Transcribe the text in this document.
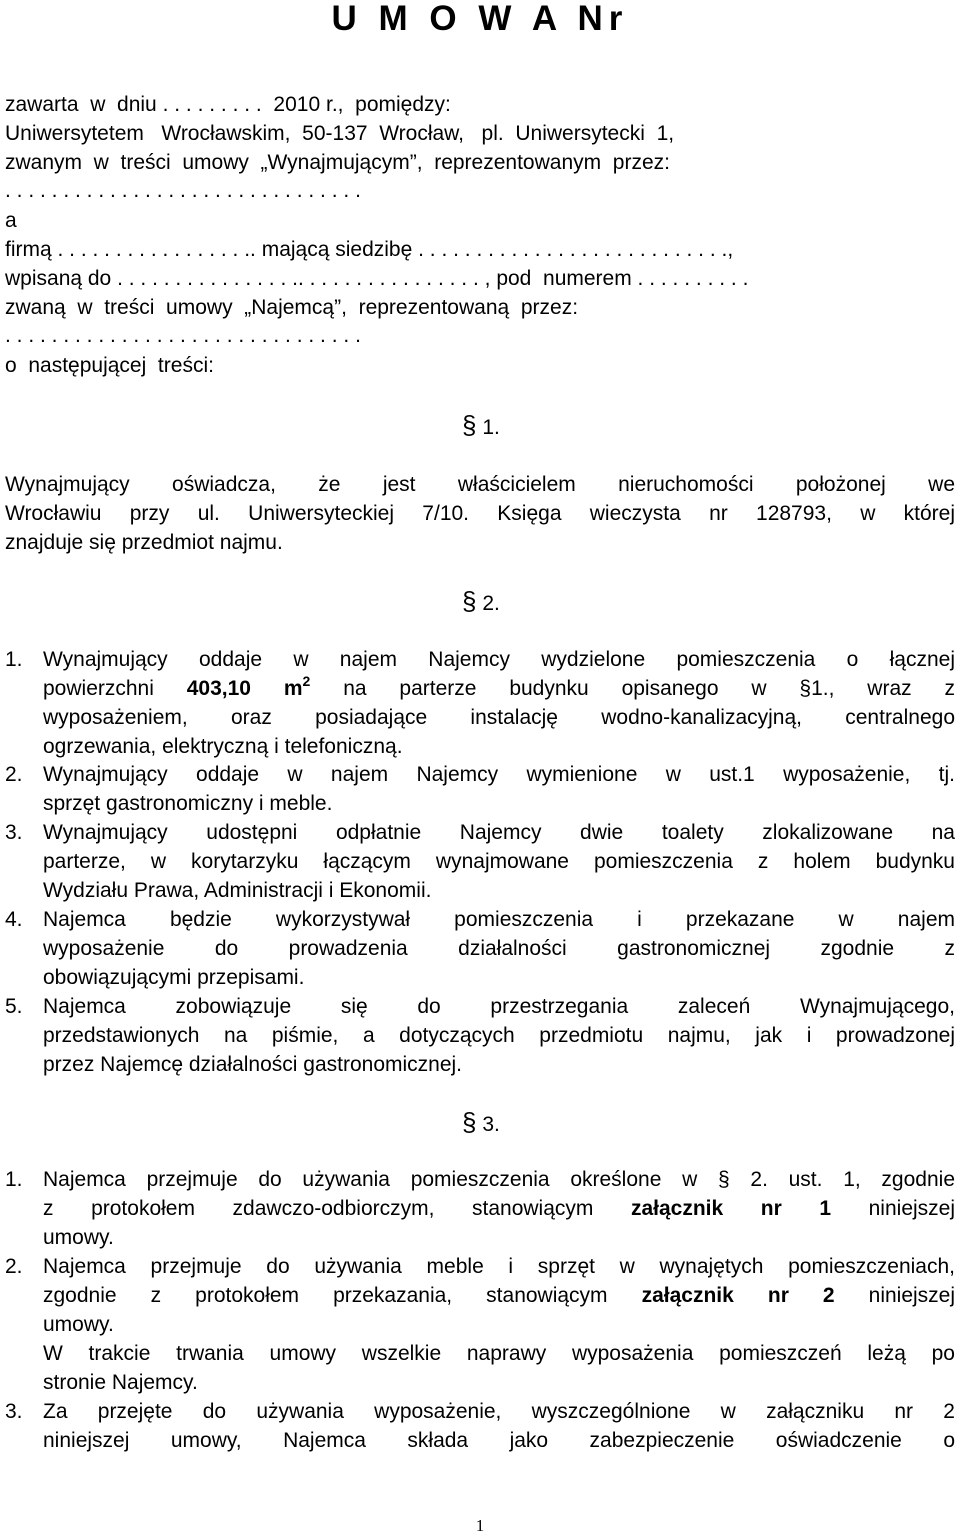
U M O W A Nr
zawarta  w  dniu . . . . . . . . .  2010 r.,  pomiędzy:
Uniwersytetem   Wrocławskim,  50-137  Wrocław,   pl.  Uniwersytecki  1,
zwanym  w  treści  umowy  „Wynajmującym”,  reprezentowanym  przez:
. . . . . . . . . . . . . . . . . . . . . . . . . . . . . . .
a
firmą . . . . . . . . . . . . . . . . .. mającą siedzibę . . . . . . . . . . . . . . . . . . . . . . . . . . .,
wpisaną do . . . . . . . . . . . . . . . .. . . . . . . . . . . . . . . . , pod  numerem . . . . . . . . . .
zwaną  w  treści  umowy  „Najemcą”,  reprezentowaną  przez:
. . . . . . . . . . . . . . . . . . . . . . . . . . . . . . .
o  następującej  treści:
§ 1.
Wynajmujący oświadcza, że jest właścicielem nieruchomości położonej we
Wrocławiu przy ul. Uniwersyteckiej 7/10. Księga wieczysta nr 128793, w której
znajduje się przedmiot najmu.
§ 2.
1. Wynajmujący oddaje w najem Najemcy wydzielone pomieszczenia o łącznej
powierzchni 403,10 $m^2$ na parterze budynku opisanego w §1., wraz z
wyposażeniem, oraz posiadające instalację wodno-kanalizacyjną, centralnego
ogrzewania, elektryczną i telefoniczną.
2. Wynajmujący oddaje w najem Najemcy wymienione w ust.1 wyposażenie, tj.
sprzęt gastronomiczny i meble.
3. Wynajmujący udostępni odpłatnie Najemcy dwie toalety zlokalizowane na
parterze, w korytarzyku łączącym wynajmowane pomieszczenia z holem budynku
Wydziału Prawa, Administracji i Ekonomii.
4. Najemca będzie wykorzystywał pomieszczenia i przekazane w najem
wyposażenie do prowadzenia działalności gastronomicznej zgodnie z
obowiązującymi przepisami.
5. Najemca zobowiązuje się do przestrzegania zaleceń Wynajmującego,
przedstawionych na piśmie, a dotyczących przedmiotu najmu, jak i prowadzonej
przez Najemcę działalności gastronomicznej.
§ 3.
1. Najemca przejmuje do używania pomieszczenia określone w § 2. ust. 1, zgodnie
z protokołem zdawczo-odbiorczym, stanowiącym załącznik nr 1 niniejszej
umowy.
2. Najemca przejmuje do używania meble i sprzęt w wynajętych pomieszczeniach,
zgodnie z protokołem przekazania, stanowiącym załącznik nr 2 niniejszej
umowy.
W trakcie trwania umowy wszelkie naprawy wyposażenia pomieszczeń leżą po
stronie Najemcy.
3. Za przejęte do używania wyposażenie, wyszczególnione w załączniku nr 2
niniejszej umowy, Najemca składa jako zabezpieczenie oświadczenie o
1
